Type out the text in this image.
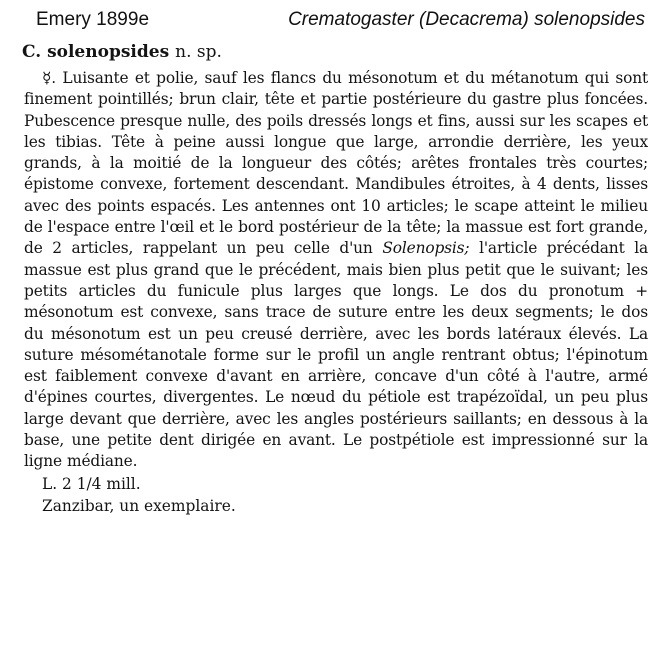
Emery 1899e	Crematogaster (Decacrema) solenopsides
C. solenopsides n. sp.

☿. Luisante et polie, sauf les flancs du mésonotum et du métanotum qui sont finement pointillés; brun clair, tête et partie postérieure du gastre plus foncées. Pubescence presque nulle, des poils dressés longs et fins, aussi sur les scapes et les tibias. Tête à peine aussi longue que large, arrondie derrière, les yeux grands, à la moitié de la longueur des côtés; arêtes frontales très courtes; épistome convexe, fortement descendant. Mandibules étroites, à 4 dents, lisses avec des points espacés. Les antennes ont 10 articles; le scape atteint le milieu de l'espace entre l'œil et le bord postérieur de la tête; la massue est fort grande, de 2 articles, rappelant un peu celle d'un Solenopsis; l'article précédant la massue est plus grand que le précédent, mais bien plus petit que le suivant; les petits articles du funicule plus larges que longs. Le dos du pronotum + mésonotum est convexe, sans trace de suture entre les deux segments; le dos du mésonotum est un peu creusé derrière, avec les bords latéraux élevés. La suture mésométanotale forme sur le profil un angle rentrant obtus; l'épinotum est faiblement convexe d'avant en arrière, concave d'un côté à l'autre, armé d'épines courtes, divergentes. Le nœud du pétiole est trapézoïdal, un peu plus large devant que derrière, avec les angles postérieurs saillants; en dessous à la base, une petite dent dirigée en avant. Le postpétiole est impressionné sur la ligne médiane.

L. 2 1/4 mill.

Zanzibar, un exemplaire.
